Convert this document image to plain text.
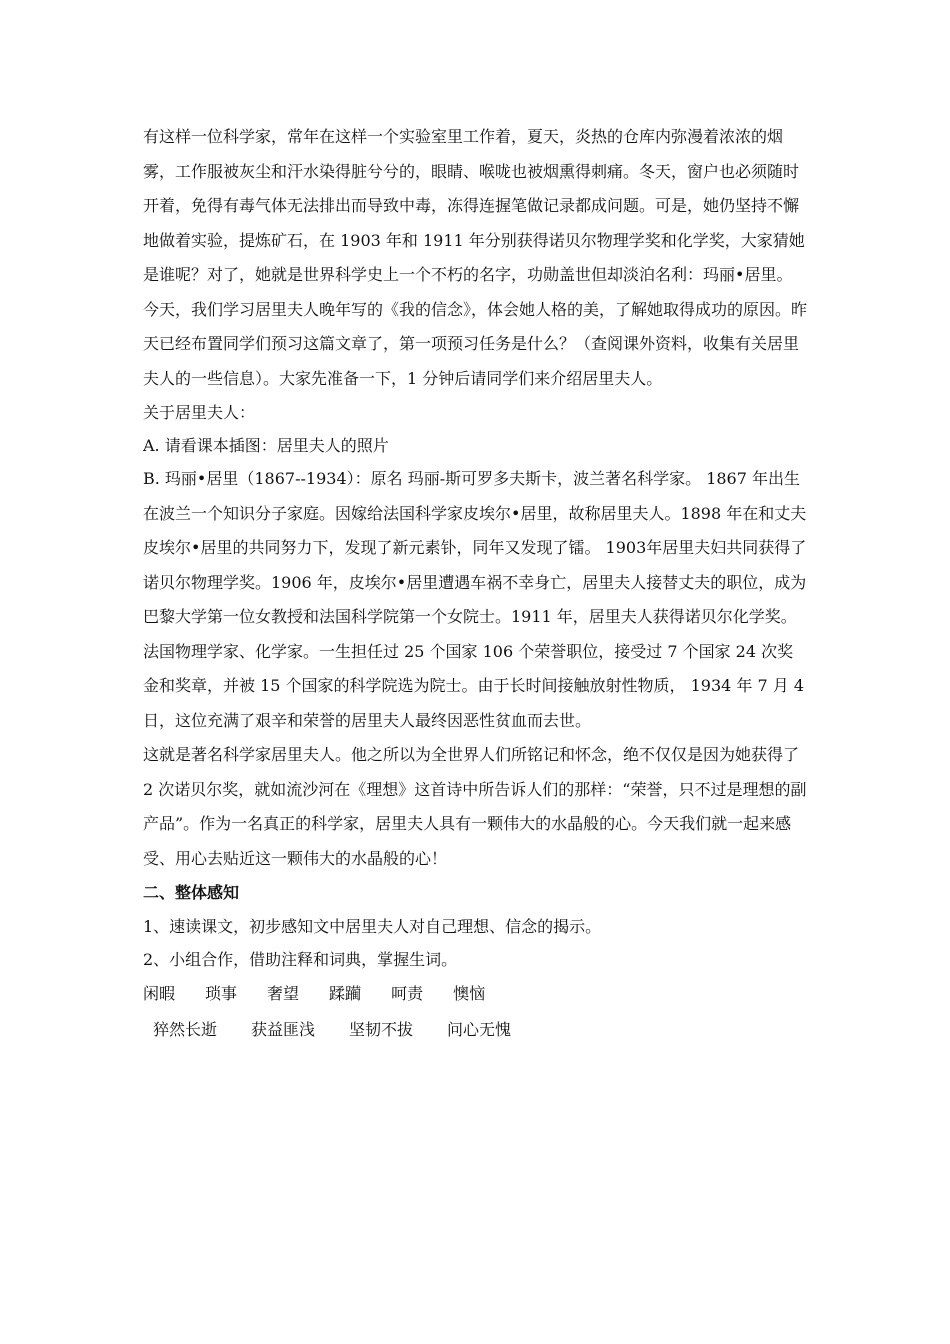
有这样一位科学家，常年在这样一个实验室里工作着，夏天，炎热的仓库内弥漫着浓浓的烟雾，工作服被灰尘和汗水染得脏兮兮的，眼睛、喉咙也被烟熏得刺痛。冬天，窗户也必须随时开着，免得有毒气体无法排出而导致中毒，冻得连握笔做记录都成问题。可是，她仍坚持不懈地做着实验，提炼矿石，在 1903 年和 1911 年分别获得诺贝尔物理学奖和化学奖，大家猜她是谁呢？对了，她就是世界科学史上一个不朽的名字，功勋盖世但却淡泊名利：玛丽•居里。今天，我们学习居里夫人晚年写的《我的信念》，体会她人格的美，了解她取得成功的原因。昨天已经布置同学们预习这篇文章了，第一项预习任务是什么？（查阅课外资料，收集有关居里夫人的一些信息）。大家先准备一下，1 分钟后请同学们来介绍居里夫人。

关于居里夫人：

A. 请看课本插图：居里夫人的照片

B. 玛丽•居里（1867--1934）：原名 玛丽-斯可罗多夫斯卡，波兰著名科学家。 1867 年出生在波兰一个知识分子家庭。因嫁给法国科学家皮埃尔•居里，故称居里夫人。1898 年在和丈夫皮埃尔•居里的共同努力下，发现了新元素钋，同年又发现了镭。 1903年居里夫妇共同获得了诺贝尔物理学奖。1906 年，皮埃尔•居里遭遇车祸不幸身亡，居里夫人接替丈夫的职位，成为巴黎大学第一位女教授和法国科学院第一个女院士。1911 年，居里夫人获得诺贝尔化学奖。法国物理学家、化学家。一生担任过 25 个国家 106 个荣誉职位，接受过 7 个国家 24 次奖金和奖章，并被 15 个国家的科学院选为院士。由于长时间接触放射性物质， 1934 年 7 月 4 日，这位充满了艰辛和荣誉的居里夫人最终因恶性贫血而去世。

这就是著名科学家居里夫人。他之所以为全世界人们所铭记和怀念，绝不仅仅是因为她获得了 2 次诺贝尔奖，就如流沙河在《理想》这首诗中所告诉人们的那样：“荣誉，只不过是理想的副产品”。作为一名真正的科学家，居里夫人具有一颗伟大的水晶般的心。今天我们就一起来感受、用心去贴近这一颗伟大的水晶般的心！

二、整体感知

1、速读课文，初步感知文中居里夫人对自己理想、信念的揭示。

2、小组合作，借助注释和词典，掌握生词。

闲暇 琐事 奢望 蹂躏 呵责 懊恼

猝然长逝 获益匪浅 坚韧不拔 问心无愧
